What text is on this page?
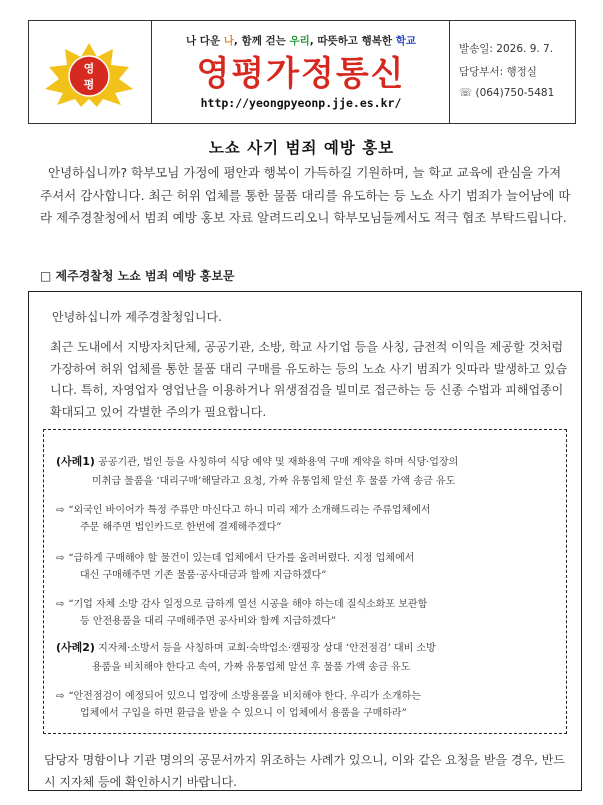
영
평
나 다운 나, 함께 걷는 우리, 따뜻하고 행복한 학교
영평가정통신
http://yeongpyeonp.jje.es.kr/
발송일: 2026. 9. 7.
담당부서: 행정실
☏ (064)750-5481
노쇼 사기 범죄 예방 홍보
안녕하십니까? 학부모님 가정에 평안과 행복이 가득하길 기원하며, 늘 학교 교육에 관심을 가져 주셔서 감사합니다. 최근 허위 업체를 통한 물품 대리를 유도하는 등 노쇼 사기 범죄가 늘어남에 따라 제주경찰청에서 범죄 예방 홍보 자료 알려드리오니 학부모님들께서도 적극 협조 부탁드립니다.
□ 제주경찰청 노쇼 범죄 예방 홍보문
안녕하십니까 제주경찰청입니다.
최근 도내에서 지방자치단체, 공공기관, 소방, 학교 사기업 등을 사칭, 금전적 이익을 제공할 것처럼 가장하여 허위 업체를 통한 물품 대리 구매를 유도하는 등의 노쇼 사기 범죄가 잇따라 발생하고 있습니다. 특히, 자영업자 영업난을 이용하거나 위생점검을 빌미로 접근하는 등 신종 수법과 피해업종이 확대되고 있어 각별한 주의가 필요합니다.
(사례1) 공공기관, 법인 등을 사칭하여 식당 예약 및 재화용역 구매 계약을 하며 식당·업장의
미취급 물품을 ‘대리구매’해달라고 요청, 가짜 유통업체 알선 후 물품 가액 송금 유도
⇨ “외국인 바이어가 특정 주류만 마신다고 하니 미리 제가 소개해드리는 주류업체에서
주문 해주면 법인카드로 한번에 결제해주겠다”
⇨ “급하게 구매해야 할 물건이 있는데 업체에서 단가를 올려버렸다. 지정 업체에서
대신 구매해주면 기존 물품·공사대금과 함께 지급하겠다”
⇨ “기업 자체 소방 감사 일정으로 급하게 열선 시공을 해야 하는데 질식소화포 보관함
등 안전용품을 대리 구매해주면 공사비와 함께 지급하겠다”
(사례2) 지자체·소방서 등을 사칭하며 교회·숙박업소·캠핑장 상대 ‘안전점검’ 대비 소방
용품을 비치해야 한다고 속여, 가짜 유통업체 알선 후 물품 가액 송금 유도
⇨ “안전점검이 예정되어 있으니 업장에 소방용품을 비치해야 한다. 우리가 소개하는
업체에서 구입을 하면 환급을 받을 수 있으니 이 업체에서 용품을 구매하라”
담당자 명함이나 기관 명의의 공문서까지 위조하는 사례가 있으니, 이와 같은 요청을 받을 경우, 반드시 지자체 등에 확인하시기 바랍니다.
